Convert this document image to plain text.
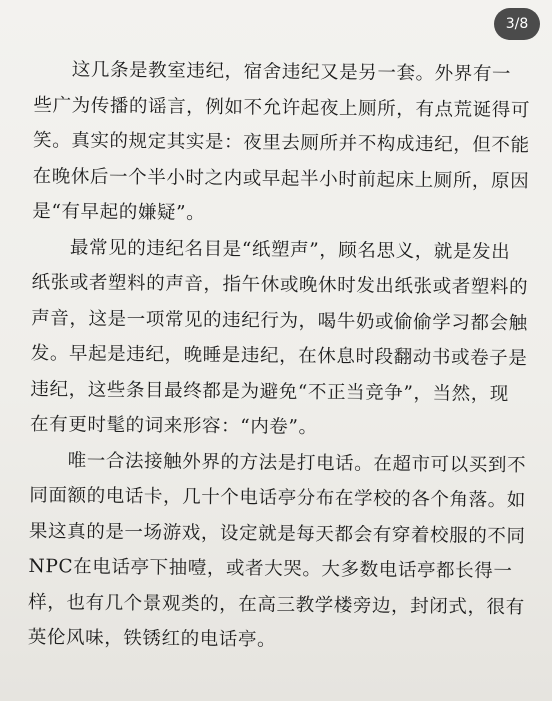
3/8

这几条是教室违纪，宿舍违纪又是另一套。外界有一
些广为传播的谣言，例如不允许起夜上厕所，有点荒诞得可
笑。真实的规定其实是：夜里去厕所并不构成违纪，但不能
在晚休后一个半小时之内或早起半小时前起床上厕所，原因
是“有早起的嫌疑”。

最常见的违纪名目是“纸塑声”，顾名思义，就是发出
纸张或者塑料的声音，指午休或晚休时发出纸张或者塑料的
声音，这是一项常见的违纪行为，喝牛奶或偷偷学习都会触
发。早起是违纪，晚睡是违纪，在休息时段翻动书或卷子是
违纪，这些条目最终都是为避免“不正当竞争”，当然，现
在有更时髦的词来形容：“内卷”。

唯一合法接触外界的方法是打电话。在超市可以买到不
同面额的电话卡，几十个电话亭分布在学校的各个角落。如
果这真的是一场游戏，设定就是每天都会有穿着校服的不同
NPC在电话亭下抽噎，或者大哭。大多数电话亭都长得一
样，也有几个景观类的，在高三教学楼旁边，封闭式，很有
英伦风味，铁锈红的电话亭。
